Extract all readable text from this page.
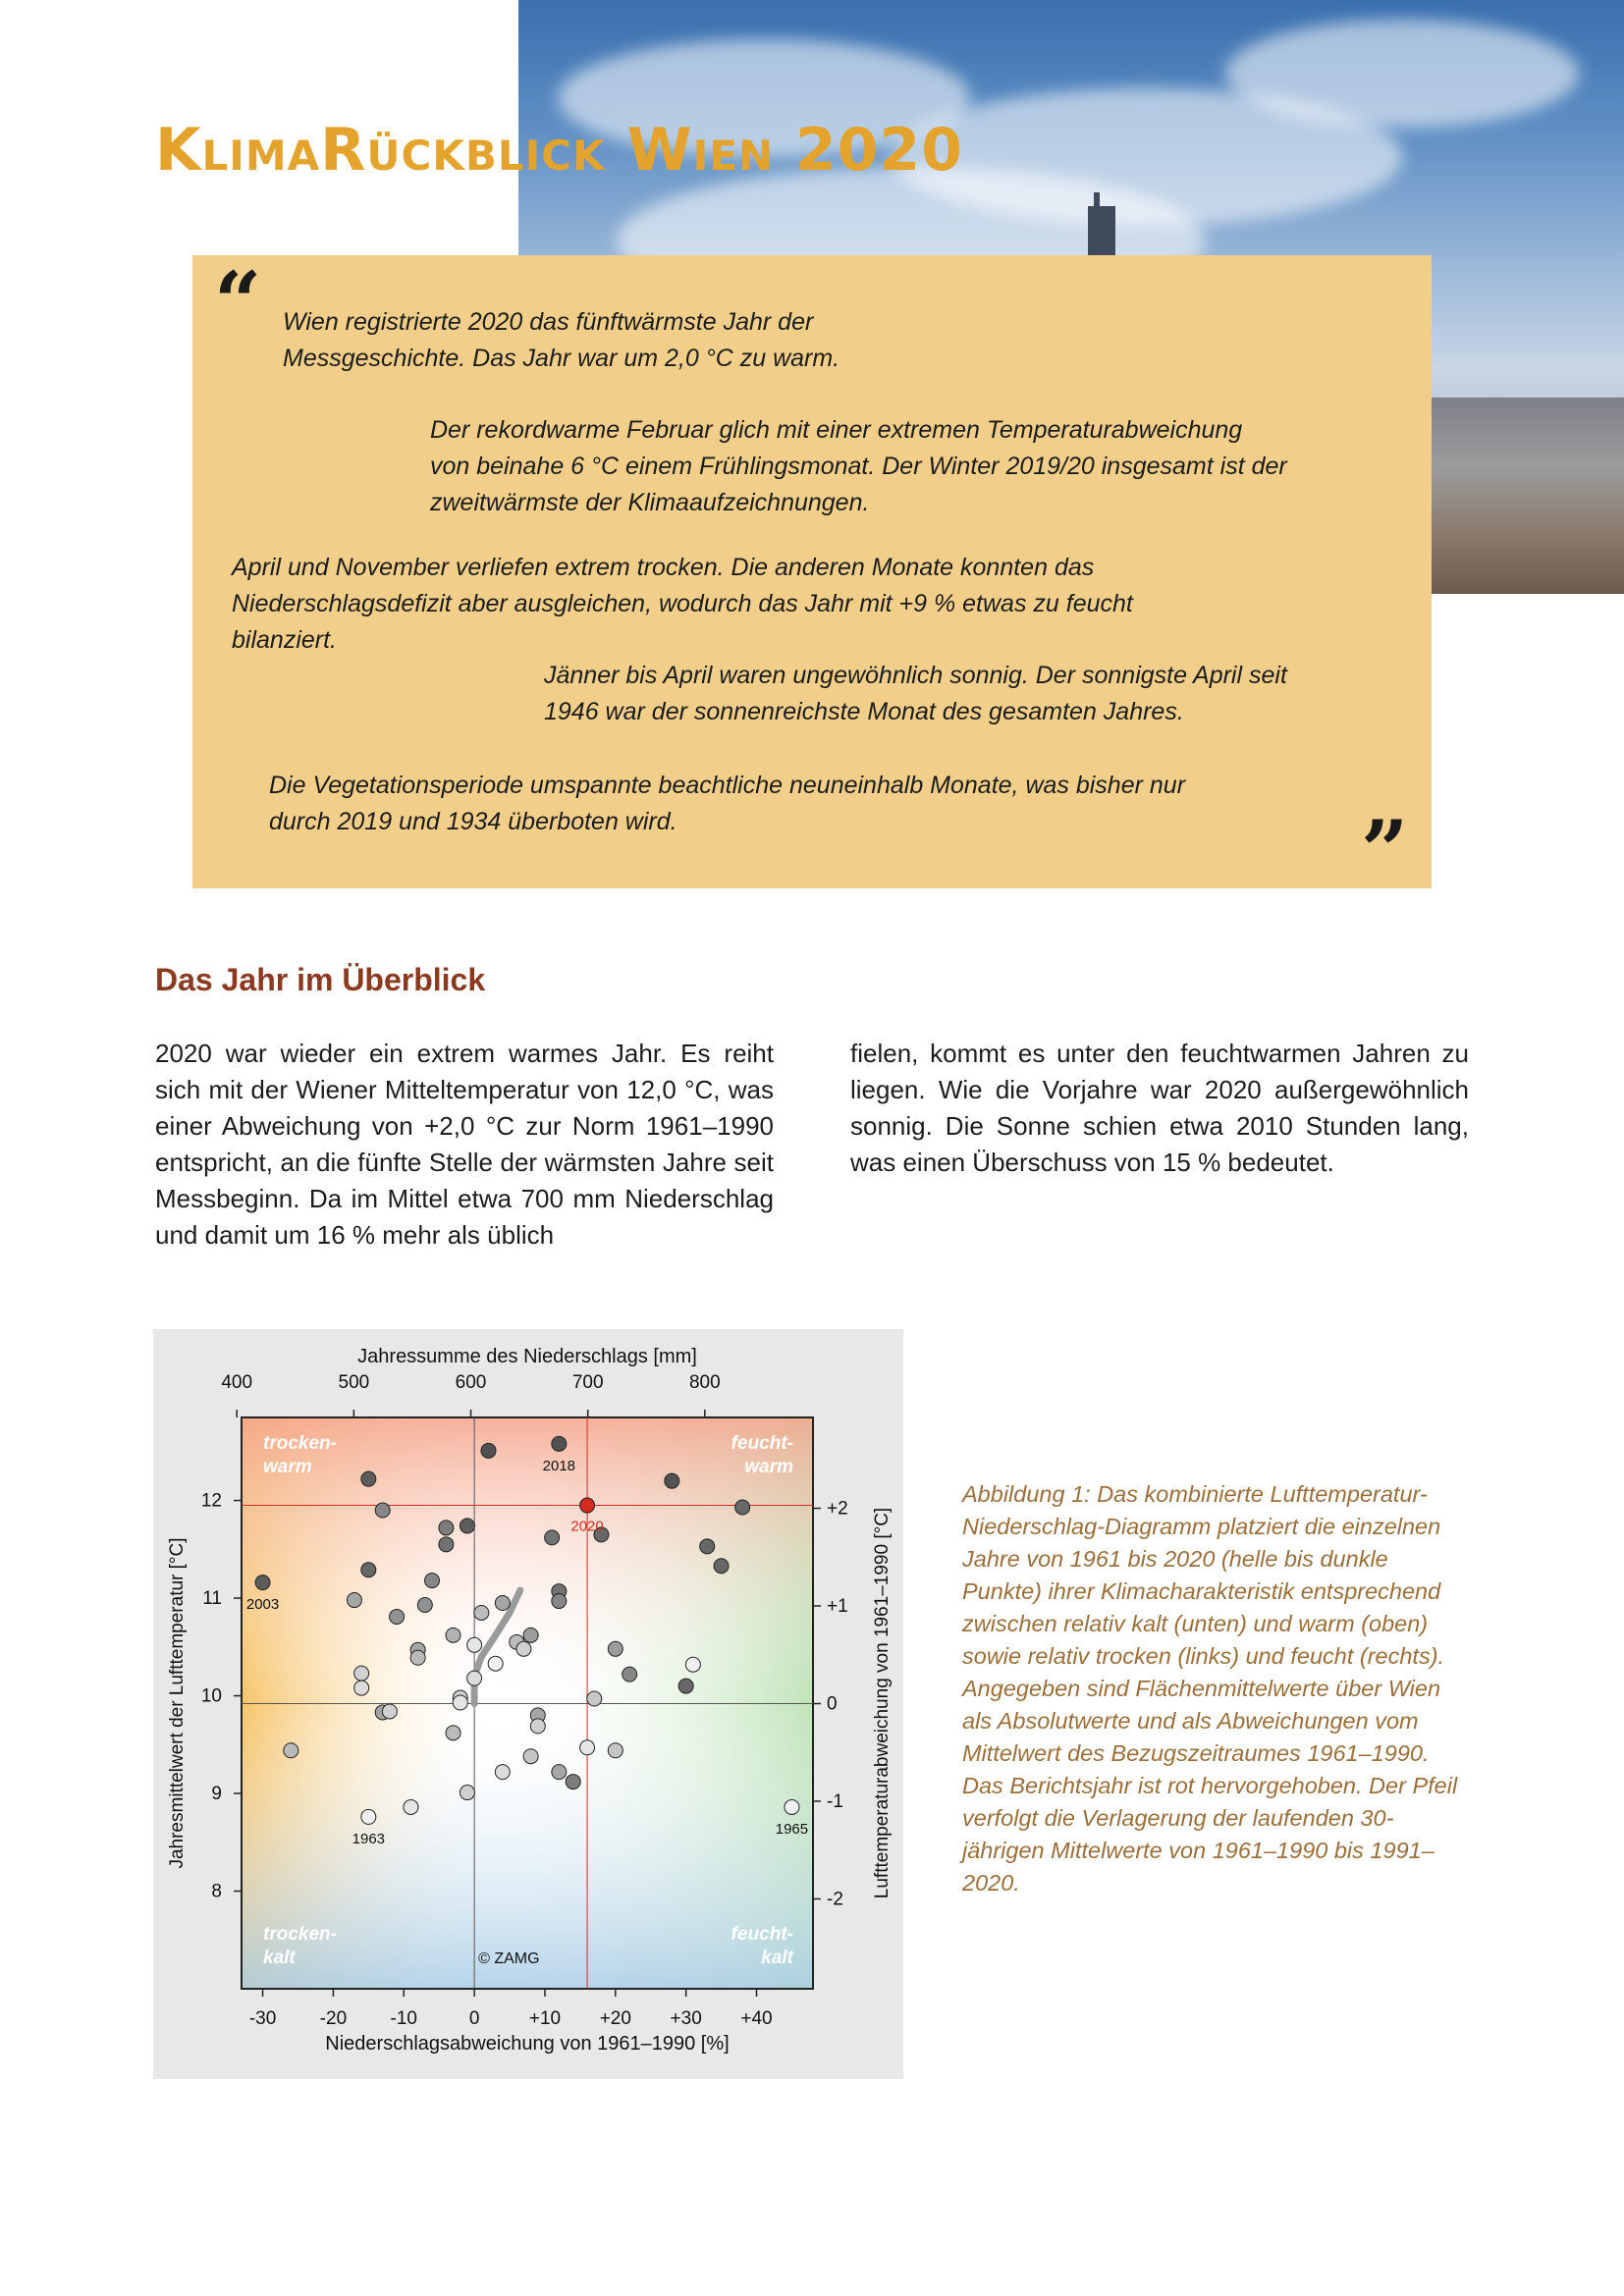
KlimaRückblick Wien 2020
“
”
Wien registrierte 2020 das fünftwärmste Jahr der
Messgeschichte. Das Jahr war um 2,0 °C zu warm.
Der rekordwarme Februar glich mit einer extremen Temperaturabweichung
von beinahe 6 °C einem Frühlingsmonat. Der Winter 2019/20 insgesamt ist der
zweitwärmste der Klimaaufzeichnungen.
April und November verliefen extrem trocken. Die anderen Monate konnten das
Niederschlagsdefizit aber ausgleichen, wodurch das Jahr mit +9 % etwas zu feucht
bilanziert.
Jänner bis April waren ungewöhnlich sonnig. Der sonnigste April seit
1946 war der sonnenreichste Monat des gesamten Jahres.
Die Vegetationsperiode umspannte beachtliche neuneinhalb Monate, was bisher nur
durch 2019 und 1934 überboten wird.
Das Jahr im Überblick

2020 war wieder ein extrem warmes Jahr. Es reiht sich mit der Wiener Mitteltemperatur von 12,0 °C, was einer Abweichung von +2,0 °C zur Norm 1961–1990 entspricht, an die fünfte Stelle der wärmsten Jahre seit Messbeginn. Da im Mittel etwa 700 mm Niederschlag und damit um 16 % mehr als üblich

fielen, kommt es unter den feuchtwarmen Jahren zu liegen. Wie die Vorjahre war 2020 außergewöhnlich sonnig. Die Sonne schien etwa 2010 Stunden lang, was einen Überschuss von 15 % bedeutet.

-30 -20 -10	0	+10 +20 +30 +40
400	500	600	700	800
8
9
10
11
12
-2
-1
0
+1
+2
Jahressumme des Niederschlags [mm]
Niederschlagsabweichung von 1961–1990 [%]
Jahresmittelwert der Lufttemperatur [°C]	Lufttemperaturabweichung von 1961–1990 [°C]
trocken-
warm
feucht-
warm
trocken-
kalt
feucht-
kalt
© ZAMG
2020
2018
2003
1963
1965

Abbildung 1: Das kombinierte Lufttemperatur-Niederschlag-Diagramm platziert die einzelnen Jahre von 1961 bis 2020 (helle bis dunkle Punkte) ihrer Klimacharakteristik entsprechend zwischen relativ kalt (unten) und warm (oben) sowie relativ trocken (links) und feucht (rechts). Angegeben sind Flächenmittelwerte über Wien als Absolutwerte und als Abweichungen vom Mittelwert des Bezugszeitraumes 1961–1990. Das Berichtsjahr ist rot hervorgehoben. Der Pfeil verfolgt die Verlagerung der laufenden 30-jährigen Mittelwerte von 1961–1990 bis 1991–2020.
